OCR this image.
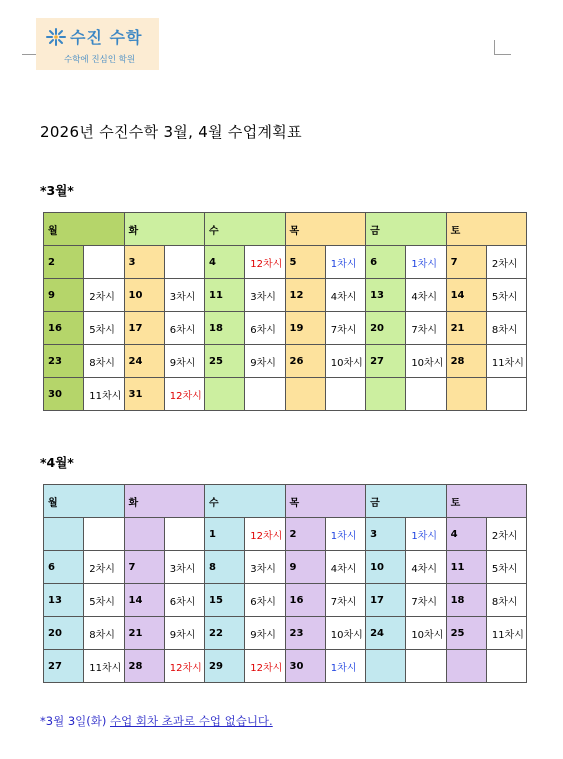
수진 수학
수학에 진심인 학원
2026년 수진수학 3월, 4월 수업계획표
*3월*
월		화		수		목		금		토	
2		3		4	12차시	5	1차시	6	1차시	7	2차시
9	2차시	10	3차시	11	3차시	12	4차시	13	4차시	14	5차시
16	5차시	17	6차시	18	6차시	19	7차시	20	7차시	21	8차시
23	8차시	24	9차시	25	9차시	26	10차시	27	10차시	28	11차시
30	11차시	31	12차시								
*4월*
월		화		수		목		금		토	
				1	12차시	2	1차시	3	1차시	4	2차시
6	2차시	7	3차시	8	3차시	9	4차시	10	4차시	11	5차시
13	5차시	14	6차시	15	6차시	16	7차시	17	7차시	18	8차시
20	8차시	21	9차시	22	9차시	23	10차시	24	10차시	25	11차시
27	11차시	28	12차시	29	12차시	30	1차시				
*3월 3일(화) 수업 회차 초과로 수업 없습니다.
